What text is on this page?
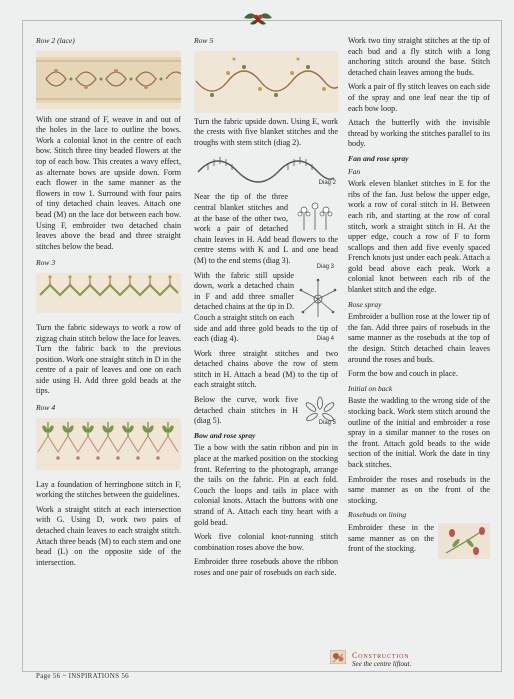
Row 2 (lace)

With one strand of F, weave in and out of the holes in the lace to outline the bows. Work a colonial knot in the centre of each bow. Stitch three tiny beaded flowers at the top of each bow. This creates a wavy effect, as alternate bows are upside down. Form each flower in the same manner as the flowers in row 1. Surround with four pairs of tiny detached chain leaves. Attach one bead (M) on the lace dot between each bow. Using F, embroider two detached chain leaves above the bead and three straight stitches below the bead.

Row 3

Turn the fabric sideways to work a row of zigzag chain stitch below the lace for leaves. Turn the fabric back to the previous position. Work one straight stitch in D in the centre of a pair of leaves and one on each side using H. Add three gold beads at the tips.

Row 4

Lay a foundation of herringbone stitch in F, working the stitches between the guidelines.

Work a straight stitch at each intersection with G. Using D, work two pairs of detached chain leaves to each straight stitch. Attach three beads (M) to each stem and one bead (L) on the opposite side of the intersection.

Row 5

Turn the fabric upside down. Using E, work the crests with five blanket stitches and the troughs with stem stitch (diag 2).

Diag 2

Near the tip of the three central blanket stitches and at the base of the other two, work a pair of detached chain leaves in H. Add bead flowers to the centre stems with K and L and one bead (M) to the end stems (diag 3).

Diag 3

With the fabric still upside down, work a detached chain in F and add three smaller detached chains at the tip in D. Couch a straight stitch on each side and add three gold beads to the tip of each (diag 4).	Diag 4

Work three straight stitches and two detached chains above the row of stem stitch in H. Attach a bead (M) to the tip of each straight stitch.

Below the curve, work five detached chain stitches in H (diag 5).	Diag 5
Bow and rose spray

Tie a bow with the satin ribbon and pin in place at the marked position on the stocking front. Referring to the photograph, arrange the tails on the fabric. Pin at each fold. Couch the loops and tails in place with colonial knots. Attach the buttons with one strand of A. Attach each tiny heart with a gold bead.

Work five colonial knot-running stitch combination roses above the bow.

Embroider three rosebuds above the ribbon roses and one pair of rosebuds on each side.

Work two tiny straight stitches at the tip of each bud and a fly stitch with a long anchoring stitch around the base. Stitch detached chain leaves among the buds.

Work a pair of fly stitch leaves on each side of the spray and one leaf near the tip of each bow loop.

Attach the butterfly with the invisible thread by working the stitches parallel to its body.

Fan and rose spray
Fan

Work eleven blanket stitches in E for the ribs of the fan. Just below the upper edge, work a row of coral stitch in H. Between each rib, and starting at the row of coral stitch, work a straight stitch in H. At the upper edge, couch a row of F to form scallops and then add five evenly spaced French knots just under each peak. Attach a gold bead above each peak. Work a colonial knot between each rib of the blanket stitch and the edge.

Rose spray

Embroider a bullion rose at the lower tip of the fan. Add three pairs of rosebuds in the same manner as the rosebuds at the top of the design. Stitch detached chain leaves around the roses and buds.

Form the bow and couch in place.

Initial on back

Baste the wadding to the wrong side of the stocking back. Work stem stitch around the outline of the initial and embroider a rose spray in a similar manner to the roses on the front. Attach gold beads to the wide section of the initial. Work the date in tiny back stitches.

Embroider the roses and rosebuds in the same manner as on the front of the stocking.

Rosebuds on lining

Embroider these in the same manner as on the front of the stocking.

Construction
See the centre liftout.
Page 56 ~ INSPIRATIONS 56
